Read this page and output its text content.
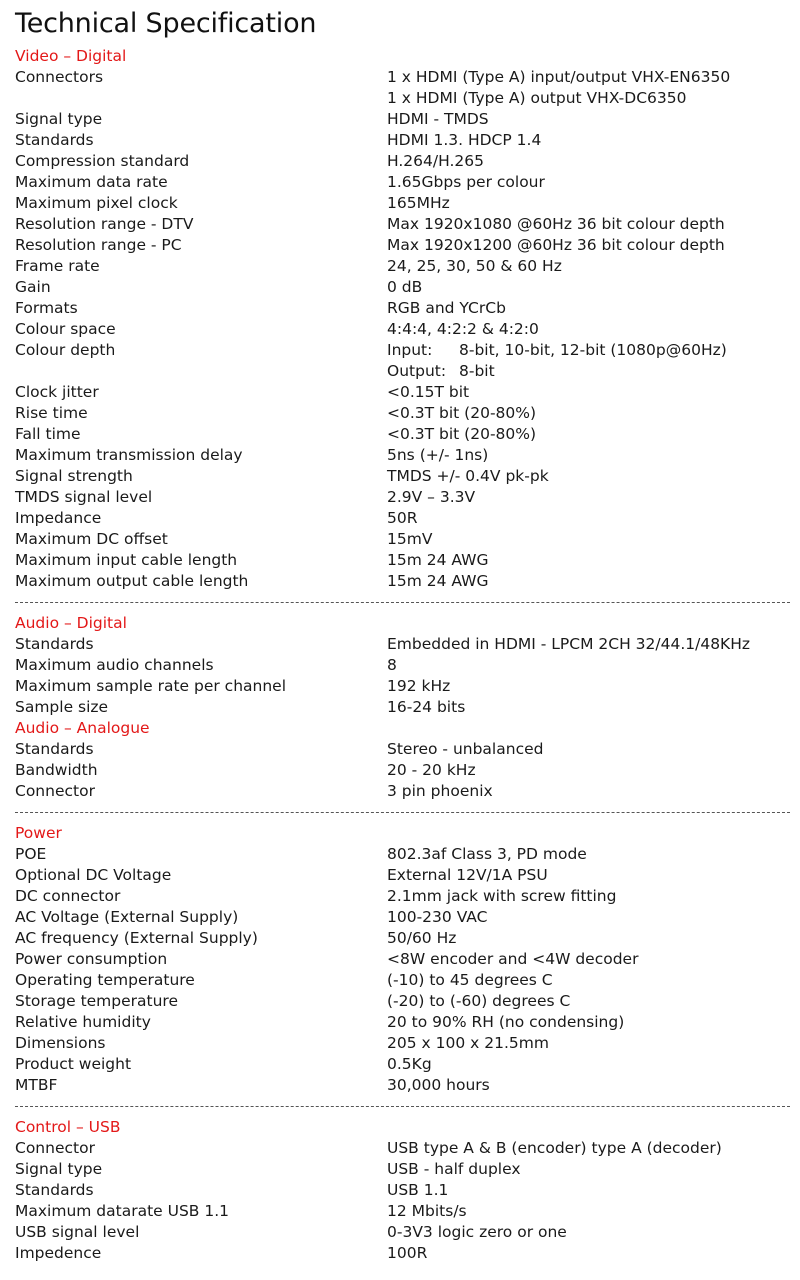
Technical Specification
Video – Digital
Connectors	1 x HDMI (Type A) input/output VHX-EN6350
1 x HDMI (Type A) output VHX-DC6350
Signal type	HDMI - TMDS
Standards	HDMI 1.3. HDCP 1.4
Compression standard	H.264/H.265
Maximum data rate	1.65Gbps per colour
Maximum pixel clock	165MHz
Resolution range - DTV	Max 1920x1080 @60Hz 36 bit colour depth
Resolution range - PC	Max 1920x1200 @60Hz 36 bit colour depth
Frame rate	24, 25, 30, 50 & 60 Hz
Gain	0 dB
Formats	RGB and YCrCb
Colour space	4:4:4, 4:2:2 & 4:2:0
Colour depth	Input: 8-bit, 10-bit, 12-bit (1080p@60Hz)
Output: 8-bit
Clock jitter	<0.15T bit
Rise time	<0.3T bit (20-80%)
Fall time	<0.3T bit (20-80%)
Maximum transmission delay	5ns (+/- 1ns)
Signal strength	TMDS +/- 0.4V pk-pk
TMDS signal level	2.9V – 3.3V
Impedance	50R
Maximum DC offset	15mV
Maximum input cable length	15m 24 AWG
Maximum output cable length	15m 24 AWG
Audio – Digital
Standards	Embedded in HDMI - LPCM 2CH 32/44.1/48KHz
Maximum audio channels	8
Maximum sample rate per channel	192 kHz
Sample size	16-24 bits
Audio – Analogue
Standards	Stereo - unbalanced
Bandwidth	20 - 20 kHz
Connector	3 pin phoenix
Power
POE	802.3af Class 3, PD mode
Optional DC Voltage	External 12V/1A PSU
DC connector	2.1mm jack with screw fitting
AC Voltage (External Supply)	100-230 VAC
AC frequency (External Supply)	50/60 Hz
Power consumption	<8W encoder and <4W decoder
Operating temperature	(-10) to 45 degrees C
Storage temperature	(-20) to (-60) degrees C
Relative humidity	20 to 90% RH (no condensing)
Dimensions	205 x 100 x 21.5mm
Product weight	0.5Kg
MTBF	30,000 hours
Control – USB
Connector	USB type A & B (encoder) type A (decoder)
Signal type	USB - half duplex
Standards	USB 1.1
Maximum datarate USB 1.1	12 Mbits/s
USB signal level	0-3V3 logic zero or one
Impedence	100R
